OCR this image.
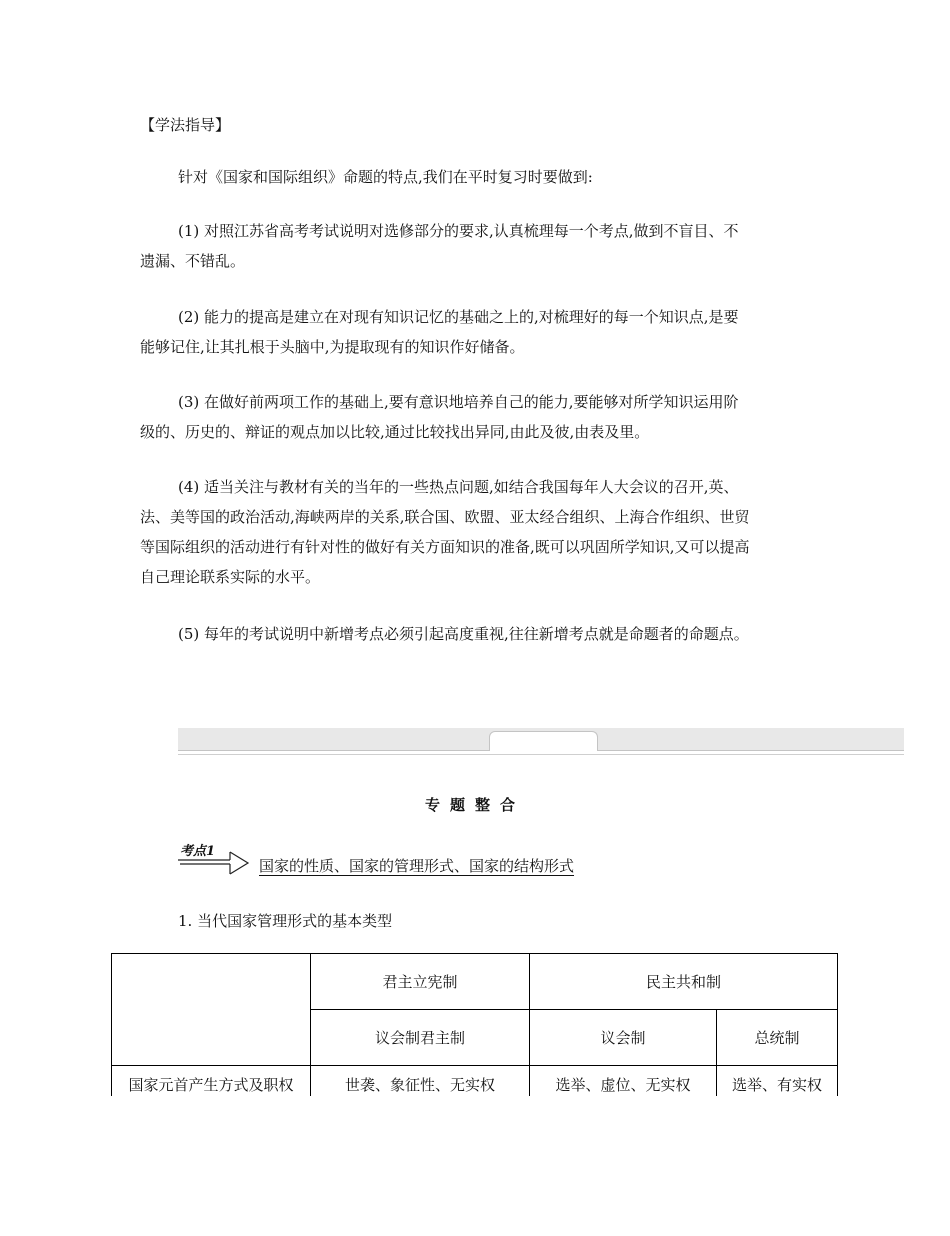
【学法指导】
针对《国家和国际组织》命题的特点,我们在平时复习时要做到:
(1) 对照江苏省高考考试说明对选修部分的要求,认真梳理每一个考点,做到不盲目、不
遗漏、不错乱。
(2) 能力的提高是建立在对现有知识记忆的基础之上的,对梳理好的每一个知识点,是要
能够记住,让其扎根于头脑中,为提取现有的知识作好储备。
(3) 在做好前两项工作的基础上,要有意识地培养自己的能力,要能够对所学知识运用阶
级的、历史的、辩证的观点加以比较,通过比较找出异同,由此及彼,由表及里。
(4) 适当关注与教材有关的当年的一些热点问题,如结合我国每年人大会议的召开,英、
法、美等国的政治活动,海峡两岸的关系,联合国、欧盟、亚太经合组织、上海合作组织、世贸
等国际组织的活动进行有针对性的做好有关方面知识的准备,既可以巩固所学知识,又可以提高
自己理论联系实际的水平。
(5) 每年的考试说明中新增考点必须引起高度重视,往往新增考点就是命题者的命题点。
专题整合
考点1
国家的性质、国家的管理形式、国家的结构形式
1. 当代国家管理形式的基本类型
	君主立宪制	民主共和制	
	议会制君主制	议会制	总统制
国家元首产生方式及职权	世袭、象征性、无实权	选举、虚位、无实权	选举、有实权
